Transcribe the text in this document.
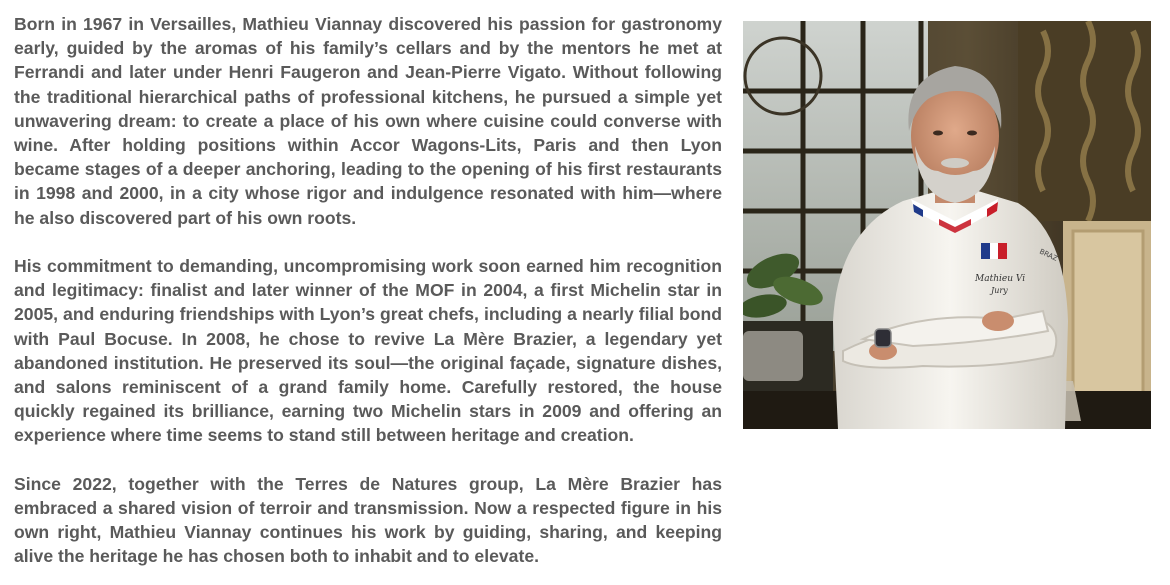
Born in 1967 in Versailles, Mathieu Viannay discovered his passion for gastronomy early, guided by the aromas of his family’s cellars and by the mentors he met at Ferrandi and later under Henri Faugeron and Jean-Pierre Vigato. Without following the traditional hierarchical paths of professional kitchens, he pursued a simple yet unwavering dream: to create a place of his own where cuisine could converse with wine. After holding positions within Accor Wagons-Lits, Paris and then Lyon became stages of a deeper anchoring, leading to the opening of his first restaurants in 1998 and 2000, in a city whose rigor and indulgence resonated with him—where he also discovered part of his own roots.

His commitment to demanding, uncompromising work soon earned him recognition and legitimacy: finalist and later winner of the MOF in 2004, a first Michelin star in 2005, and enduring friendships with Lyon’s great chefs, including a nearly filial bond with Paul Bocuse. In 2008, he chose to revive La Mère Brazier, a legendary yet abandoned institution. He preserved its soul—the original façade, signature dishes, and salons reminiscent of a grand family home. Carefully restored, the house quickly regained its brilliance, earning two Michelin stars in 2009 and offering an experience where time seems to stand still between heritage and creation.

Since 2022, together with the Terres de Natures group, La Mère Brazier has embraced a shared vision of terroir and transmission. Now a respected figure in his own right, Mathieu Viannay continues his work by guiding, sharing, and keeping alive the heritage he has chosen both to inhabit and to elevate.

Mathieu Vi
Jury
BRAZ
